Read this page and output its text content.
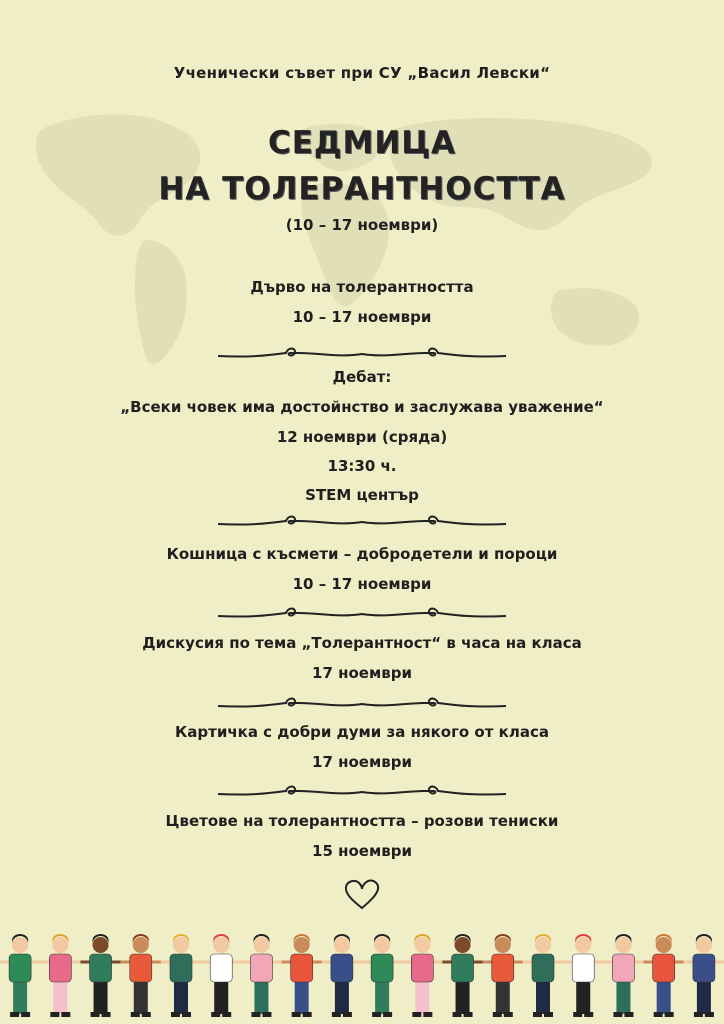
Ученически съвет при СУ „Васил Левски“
СЕДМИЦА
НА ТОЛЕРАНТНОСТТА
(10 – 17 ноември)
Дърво на толерантността
10 – 17 ноември
Дебат:
„Всеки човек има достойнство и заслужава уважение“
12 ноември (сряда)
13:30 ч.
STEM център
Кошница с късмети – добродетели и пороци
10 – 17 ноември
Дискусия по тема „Толерантност“ в часа на класа
17 ноември
Картичка с добри думи за някого от класа
17 ноември
Цветове на толерантността – розови тениски
15 ноември
